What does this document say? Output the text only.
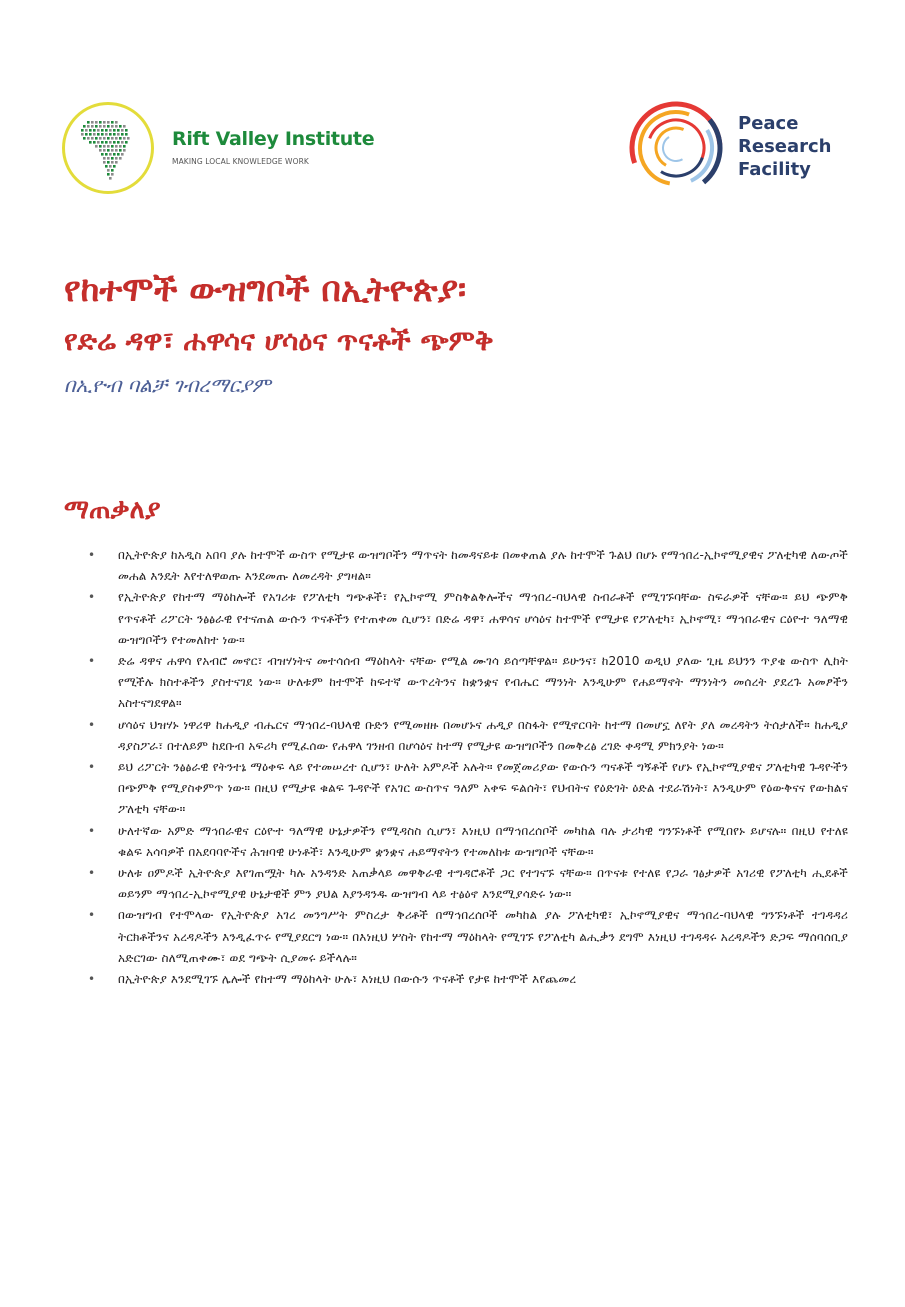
Rift Valley Institute
MAKING LOCAL KNOWLEDGE WORK
Peace
Research
Facility
የከተሞች ውዝግቦች በኢትዮጵያ፡
የድሬ ዳዋ፣ ሐዋሳና ሆሳዕና ጥናቶች ጭምቅ
በኢዮብ ባልቻ ገብረማርያም
ማጠቃለያ
• በኢትዮጵያ ከአዲስ አበባ ያሉ ከተሞች ውስጥ የሚታዩ ውዝግቦችን ማጥናት ከመዳናይቱ በመቀጠል ያሉ ከተሞች ጉልህ በሆኑ የማኅበረ-ኢኮኖሚያዊና ፖለቲካዊ ለውጦች መሐል እንዴት እየተለዋወጡ እንደመጡ ለመረዳት ያግዛል።
• የኢትዮጵያ የከተማ ማዕከሎች የአገሪቱ የፖለቲካ ግጭቶች፣ የኢኮኖሚ ምስቅልቅሎችና ማኅበረ-ባህላዊ ስብራቶች የሚገኙባቸው ስፍራዎች ናቸው። ይህ ጭምቅ የጥናቶች ሪፖርት ንፅፅራዊ የተናጠል ውሱን ጥናቶችን የተጠቀመ ሲሆን፣ በድሬ ዳዋ፣ ሐዋሳና ሆሳዕና ከተሞች የሚታዩ የፖለቲካ፣ ኢኮኖሚ፣ ማኅበራዊና ርዕዮተ ዓለማዊ ውዝግቦችን የተመለከተ ነው።
• ድሬ ዳዋና ሐዋሳ የአብሮ መኖር፣ ብዝሃነትና መተሳሰብ ማዕከላት ናቸው የሚል ሙገሳ ይሰጣቸዋል። ይሁንና፣ ከ2010 ወዲህ ያለው ጊዜ ይህንን ጥያቄ ውስጥ ሊከት የሚችሉ ክስተቶችን ያስተናገደ ነው። ሁለቱም ከተሞች ከፍተኛ ውጥረትንና ከቋንቋና የብሔር ማንነት እንዲሁም የሐይማኖት ማንነትን መሰረት ያደረጉ አመፆችን አስተናግደዋል።
• ሆሳዕና ህዝሃኑ ነዋሪዋ ከሐዲያ ብሔርና ማኅበረ-ባህላዊ ቡድን የሚመዘዙ በመሆኑና ሐዲያ በስፋት የሚኖርባት ከተማ በመሆኗ ለየት ያለ መረዳትን ትሰታለች። ከሐዲያ ዳያስፖራ፣ በተለይም ከደቡብ አፍሪካ የሚፈሰው የሐዋላ ገንዘብ በሆሳዕና ከተማ የሚታዩ ውዝግቦችን በመቅረፅ ረገድ ቀዳሚ ምክንያት ነው።
• ይህ ሪፖርት ንፅፅራዊ የትንተኔ ማዕቀፍ ላይ የተመሠረተ ሲሆን፣ ሁለት አምዶች አሉት። የመጀመሪያው የውሱን ጣናቶች ግኝቶች የሆኑ የኢኮኖሚያዊና ፖለቲካዊ ጉዳዮችን በጭምቅ የሚያስቀምጥ ነው። በዚህ የሚታዩ ቁልፍ ጉዳዮች የአገር ውስጥና ዓለም አቀፍ ፍልሰት፣ የህብትና የዕድገት ዕድል ተደራሽነት፣ እንዲሁም የዕውቅናና የውክልና ፖለቲካ ናቸው።
• ሁለተኛው አምድ ማኅበራዊና ርዕዮተ ዓለማዊ ሁኔታዎችን የሚዳስስ ሲሆን፣ እነዚህ በማኅበረሰቦች መካከል ባሉ ታሪካዊ ግንኙነቶች የሚበየኑ ይሆናሉ። በዚህ የተለዩ ቁልፍ አሳባዎች በአደባባዮችና ሕዝባዊ ሁነቶች፣ እንዲሁም ቋንቋና ሐይማኖትን የተመለከቱ ውዝግቦች ናቸው።
• ሁለቱ ዐምዶች ኢትዮጵያ እየገጠሟት ካሉ አንዳንድ አጠቃላይ መዋቅራዊ ተግዳሮቶች ጋር የተገናኙ ናቸው። በጥናቱ የተለዩ የጋራ ገፅታዎች አገሪዊ የፖለቲካ ሒደቶች ወይንም ማኅበረ-ኢኮኖሚያዊ ሁኔታዊች ምን ያህል እያንዳንዱ ውዝግብ ላይ ተፅዕኖ እንደሚያሳድሩ ነው።
• በውዝግብ የተሞላው የኢትዮጵያ አገረ መንግሥት ምስረታ ቅሪቶች በማኅበረሰቦች መካከል ያሉ ፖለቲካዊ፣ ኢኮኖሚያዊና ማኅበረ-ባህላዊ ግንኙነቶች ተገዳዳሪ ትርክቶችንና አረዳዶችን እንዲፈጥሩ የሚያደርግ ነው። በእነዚህ ሦስት የከተማ ማዕከላት የሚገኙ የፖለቲካ ልሒቃን ደግሞ እነዚህ ተገዳዳሩ አረዳዶችን ድጋፍ ማሰባሰቢያ አድርገው ስለሚጠቀሙ፣ ወደ ግጭት ሲያመሩ ይችላሉ።
• በኢትዮጵያ እንደሚገኙ ሌሎች የከተማ ማዕከላት ሁሉ፣ እነዚህ በውሱን ጥናቶች የታዩ ከተሞች እየጨመረ
